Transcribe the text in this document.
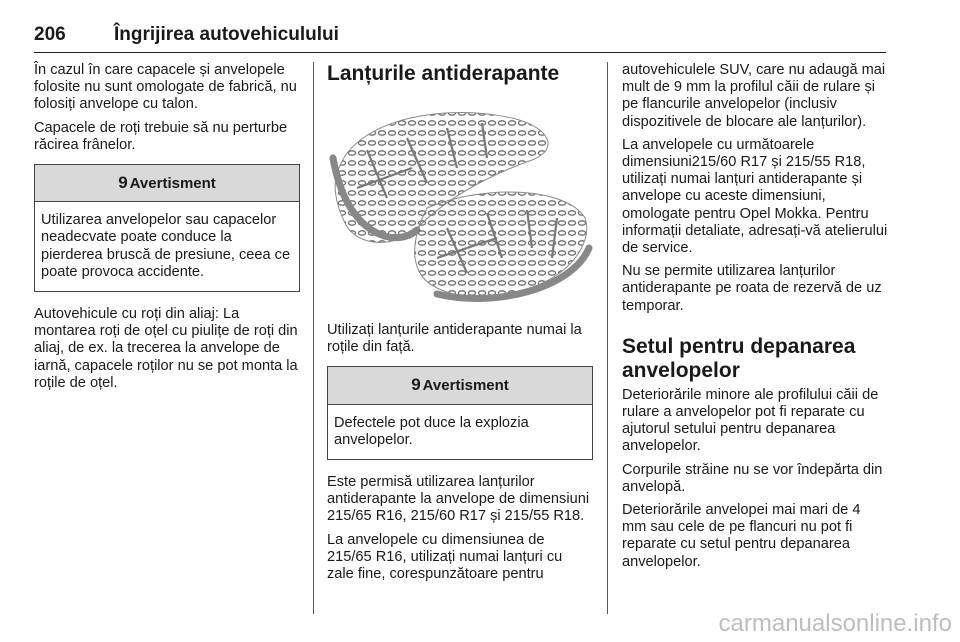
206	Îngrijirea autovehiculului

În cazul în care capacele și anvelopele folosite nu sunt omologate de fabrică, nu folosiți anvelope cu talon.

Capacele de roți trebuie să nu perturbe răcirea frânelor.

9 Avertisment

Utilizarea anvelopelor sau capacelor neadecvate poate conduce la pierderea bruscă de presiune, ceea ce poate provoca accidente.

Autovehicule cu roți din aliaj: La montarea roți de oțel cu piulițe de roți din aliaj, de ex. la trecerea la anvelope de iarnă, capacele roților nu se pot monta la roțile de oțel.

Lanțurile antiderapante

Utilizați lanțurile antiderapante numai la roțile din față.

9 Avertisment

Defectele pot duce la explozia anvelopelor.

Este permisă utilizarea lanțurilor antiderapante la anvelope de dimensiuni 215/65 R16, 215/60 R17 și 215/55 R18.

La anvelopele cu dimensiunea de 215/65 R16, utilizați numai lanțuri cu zale fine, corespunzătoare pentru

autovehiculele SUV, care nu adaugă mai mult de 9 mm la profilul căii de rulare și pe flancurile anvelopelor (inclusiv dispozitivele de blocare ale lanțurilor).

La anvelopele cu următoarele dimensiuni215/60 R17 și 215/55 R18, utilizați numai lanțuri antiderapante și anvelope cu aceste dimensiuni, omologate pentru Opel Mokka. Pentru informații detaliate, adresați-vă atelierului de service.

Nu se permite utilizarea lanțurilor antiderapante pe roata de rezervă de uz temporar.

Setul pentru depanarea anvelopelor

Deteriorările minore ale profilului căii de rulare a anvelopelor pot fi reparate cu ajutorul setului pentru depanarea anvelopelor.

Corpurile străine nu se vor îndepărta din anvelopă.

Deteriorările anvelopei mai mari de 4 mm sau cele de pe flancuri nu pot fi reparate cu setul pentru depanarea anvelopelor.

carmanualsonline.info
